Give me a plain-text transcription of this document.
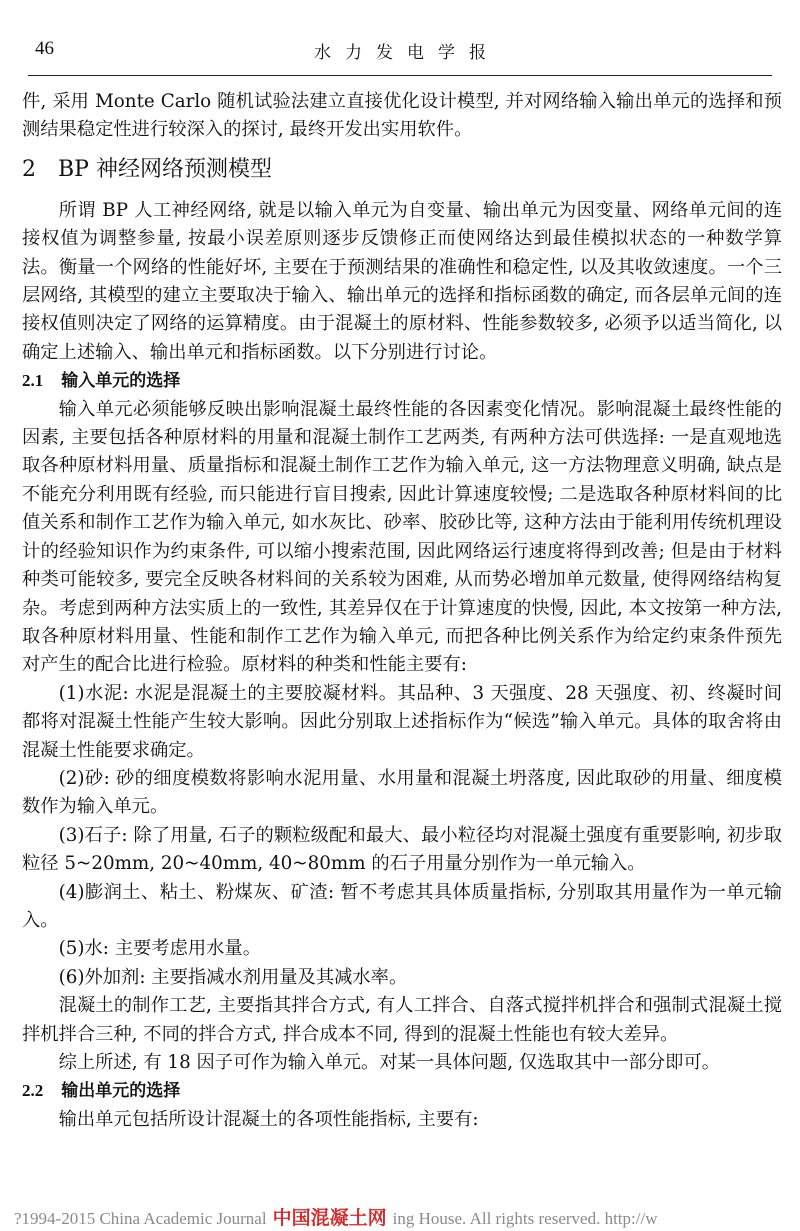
46	水力发电学报

件, 采用 Monte Carlo 随机试验法建立直接优化设计模型, 并对网络输入输出单元的选择和预测结果稳定性进行较深入的探讨, 最终开发出实用软件。

2 BP 神经网络预测模型

所谓 BP 人工神经网络, 就是以输入单元为自变量、输出单元为因变量、网络单元间的连接权值为调整参量, 按最小误差原则逐步反馈修正而使网络达到最佳模拟状态的一种数学算法。衡量一个网络的性能好坏, 主要在于预测结果的准确性和稳定性, 以及其收敛速度。一个三层网络, 其模型的建立主要取决于输入、输出单元的选择和指标函数的确定, 而各层单元间的连接权值则决定了网络的运算精度。由于混凝土的原材料、性能参数较多, 必须予以适当简化, 以确定上述输入、输出单元和指标函数。以下分别进行讨论。

2.1 输入单元的选择

输入单元必须能够反映出影响混凝土最终性能的各因素变化情况。影响混凝土最终性能的因素, 主要包括各种原材料的用量和混凝土制作工艺两类, 有两种方法可供选择: 一是直观地选取各种原材料用量、质量指标和混凝土制作工艺作为输入单元, 这一方法物理意义明确, 缺点是不能充分利用既有经验, 而只能进行盲目搜索, 因此计算速度较慢; 二是选取各种原材料间的比值关系和制作工艺作为输入单元, 如水灰比、砂率、胶砂比等, 这种方法由于能利用传统机理设计的经验知识作为约束条件, 可以缩小搜索范围, 因此网络运行速度将得到改善; 但是由于材料种类可能较多, 要完全反映各材料间的关系较为困难, 从而势必增加单元数量, 使得网络结构复杂。考虑到两种方法实质上的一致性, 其差异仅在于计算速度的快慢, 因此, 本文按第一种方法, 取各种原材料用量、性能和制作工艺作为输入单元, 而把各种比例关系作为给定约束条件预先对产生的配合比进行检验。原材料的种类和性能主要有:

(1)水泥: 水泥是混凝土的主要胶凝材料。其品种、3 天强度、28 天强度、初、终凝时间都将对混凝土性能产生较大影响。因此分别取上述指标作为“候选”输入单元。具体的取舍将由混凝土性能要求确定。

(2)砂: 砂的细度模数将影响水泥用量、水用量和混凝土坍落度, 因此取砂的用量、细度模数作为输入单元。

(3)石子: 除了用量, 石子的颗粒级配和最大、最小粒径均对混凝土强度有重要影响, 初步取粒径 5~20mm, 20~40mm, 40~80mm 的石子用量分别作为一单元输入。

(4)膨润土、粘土、粉煤灰、矿渣: 暂不考虑其具体质量指标, 分别取其用量作为一单元输入。

(5)水: 主要考虑用水量。

(6)外加剂: 主要指减水剂用量及其减水率。

混凝土的制作工艺, 主要指其拌合方式, 有人工拌合、自落式搅拌机拌合和强制式混凝土搅拌机拌合三种, 不同的拌合方式, 拌合成本不同, 得到的混凝土性能也有较大差异。

综上所述, 有 18 因子可作为输入单元。对某一具体问题, 仅选取其中一部分即可。

2.2 输出单元的选择

输出单元包括所设计混凝土的各项性能指标, 主要有:

?1994-2015 China Academic Journal 中国混凝土网 ing House. All rights reserved. http://w
